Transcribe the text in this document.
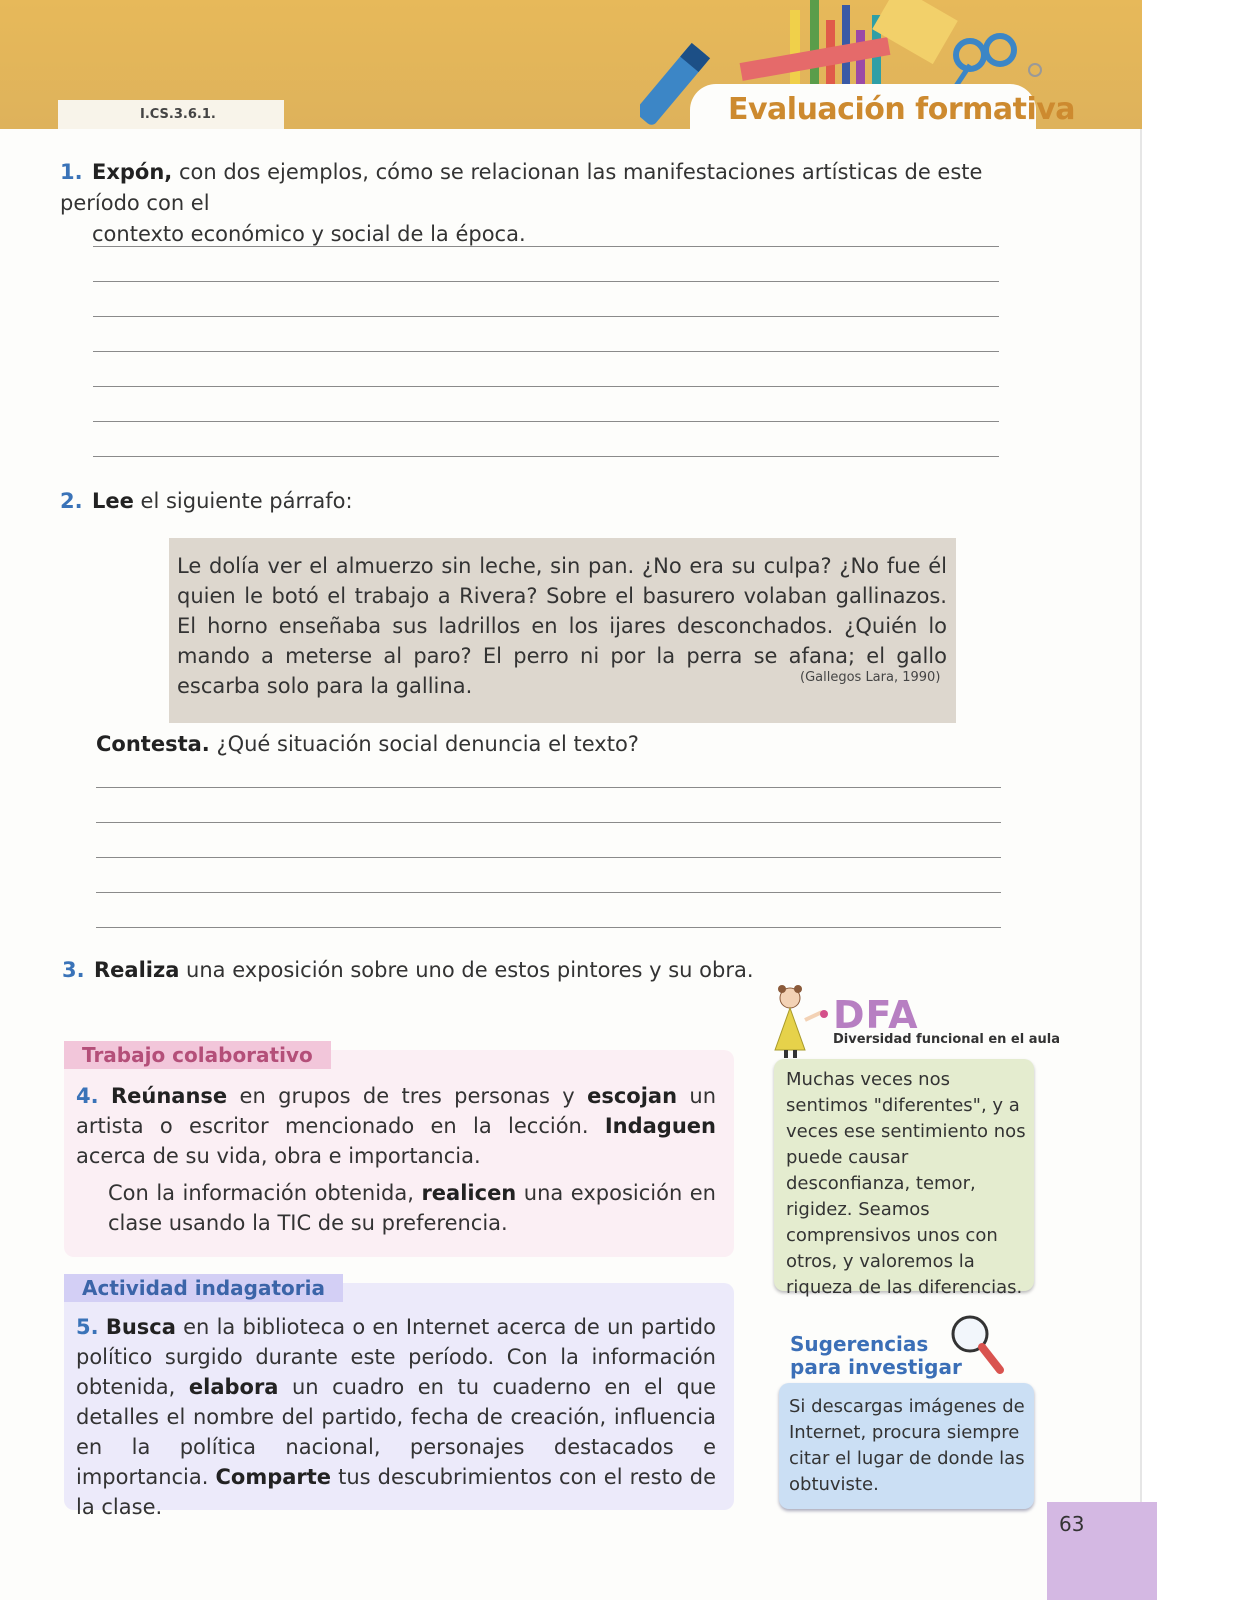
I.CS.3.6.1.	Evaluación formativa
1. Expón, con dos ejemplos, cómo se relacionan las manifestaciones artísticas de este período con el
contexto económico y social de la época.
2. Lee el siguiente párrafo:
Le dolía ver el almuerzo sin leche, sin pan. ¿No era su culpa? ¿No fue él quien le botó el trabajo a Rivera? Sobre el basurero volaban gallinazos. El horno enseñaba sus ladrillos en los ijares desconchados. ¿Quién lo mando a meterse al paro? El perro ni por la perra se afana; el gallo escarba solo para la gallina.	(Gallegos Lara, 1990)
Contesta. ¿Qué situación social denuncia el texto?
3. Realiza una exposición sobre uno de estos pintores y su obra.
Trabajo colaborativo
4. Reúnanse en grupos de tres personas y escojan un artista o escritor mencionado en la lección. Indaguen acerca de su vida, obra e importancia.
Con la información obtenida, realicen una exposición en clase usando la TIC de su preferencia.
Actividad indagatoria
5. Busca en la biblioteca o en Internet acerca de un partido político surgido durante este período. Con la información obtenida, elabora un cuadro en tu cuaderno en el que detalles el nombre del partido, fecha de creación, influencia en la política nacional, personajes destacados e importancia. Comparte tus descubrimientos con el resto de la clase.
DFA
Diversidad funcional en el aula
Muchas veces nos sentimos "diferentes", y a veces ese sentimiento nos puede causar desconfianza, temor, rigidez. Seamos comprensivos unos con otros, y valoremos la riqueza de las diferencias.
Sugerencias
para investigar
Si descargas imágenes de Internet, procura siempre citar el lugar de donde las obtuviste.
63
